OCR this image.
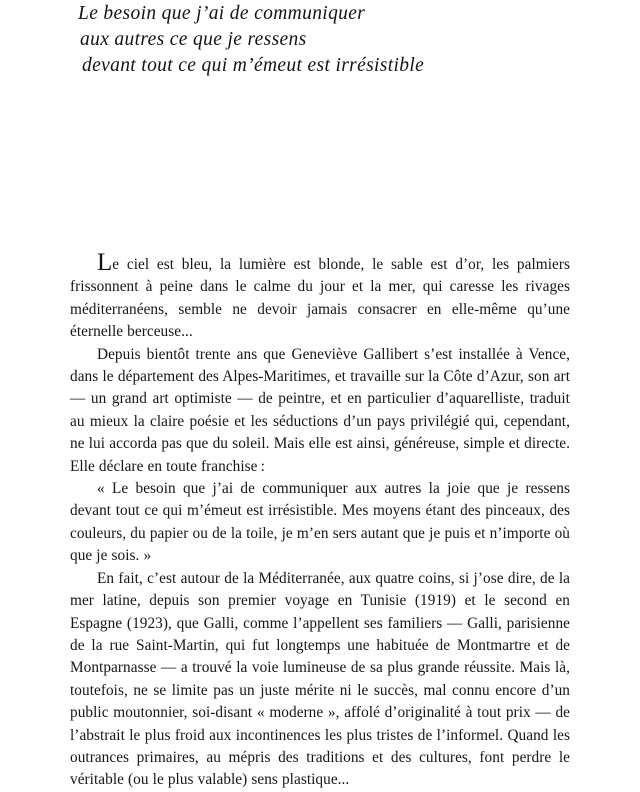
Le besoin que j’ai de communiquer
aux autres ce que je ressens
devant tout ce qui m’émeut est irrésistible

Le ciel est bleu, la lumière est blonde, le sable est d’or, les palmiers frissonnent à peine dans le calme du jour et la mer, qui caresse les rivages méditerranéens, semble ne devoir jamais consacrer en elle-même qu’une éternelle berceuse...

Depuis bientôt trente ans que Geneviève Gallibert s’est installée à Vence, dans le département des Alpes-Maritimes, et travaille sur la Côte d’Azur, son art — un grand art optimiste — de peintre, et en particulier d’aquarelliste, traduit au mieux la claire poésie et les séductions d’un pays privilégié qui, cependant, ne lui accorda pas que du soleil. Mais elle est ainsi, généreuse, simple et directe. Elle déclare en toute franchise :

« Le besoin que j’ai de communiquer aux autres la joie que je ressens devant tout ce qui m’émeut est irrésistible. Mes moyens étant des pinceaux, des couleurs, du papier ou de la toile, je m’en sers autant que je puis et n’importe où que je sois. »

En fait, c’est autour de la Méditerranée, aux quatre coins, si j’ose dire, de la mer latine, depuis son premier voyage en Tunisie (1919) et le second en Espagne (1923), que Galli, comme l’appellent ses familiers — Galli, parisienne de la rue Saint-Martin, qui fut longtemps une habituée de Montmartre et de Montparnasse — a trouvé la voie lumineuse de sa plus grande réussite. Mais là, toutefois, ne se limite pas un juste mérite ni le succès, mal connu encore d’un public moutonnier, soi-disant « moderne », affolé d’originalité à tout prix — de l’abstrait le plus froid aux incontinences les plus tristes de l’informel. Quand les outrances primaires, au mépris des traditions et des cultures, font perdre le véritable (ou le plus valable) sens plastique...
